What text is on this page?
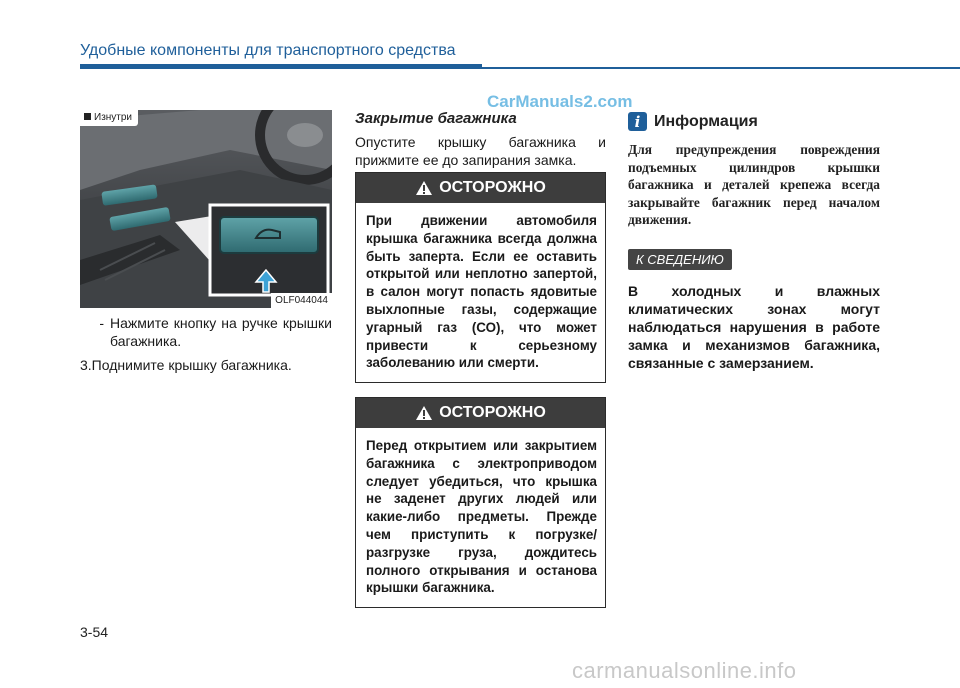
Удобные компоненты для транспортного средства
CarManuals2.com
Изнутри
OLF044044
- Нажмите кнопку на ручке крышки багажника.
3.Поднимите крышку багажника.
Закрытие багажника
Опустите крышку багажника и прижмите ее до запирания замка.
ОСТОРОЖНО
При движении автомобиля крышка багажника всегда должна быть заперта. Если ее оставить открытой или неплотно запертой, в салон могут попасть ядовитые выхлопные газы, содержащие угарный газ (СО), что может привести к серьезному заболеванию или смерти.
ОСТОРОЖНО
Перед открытием или закрытием багажника с электроприводом следует убедиться, что крышка не заденет других людей или какие-либо предметы. Прежде чем приступить к погрузке/разгрузке груза, дождитесь полного открывания и останова крышки багажника.
i Информация
Для предупреждения повреждения подъемных цилиндров крышки багажника и деталей крепежа всегда закрывайте багажник перед началом движения.
К СВЕДЕНИЮ
В холодных и влажных климатических зонах могут наблюдаться нарушения в работе замка и механизмов багажника, связанные с замерзанием.
3-54
carmanualsonline.info
